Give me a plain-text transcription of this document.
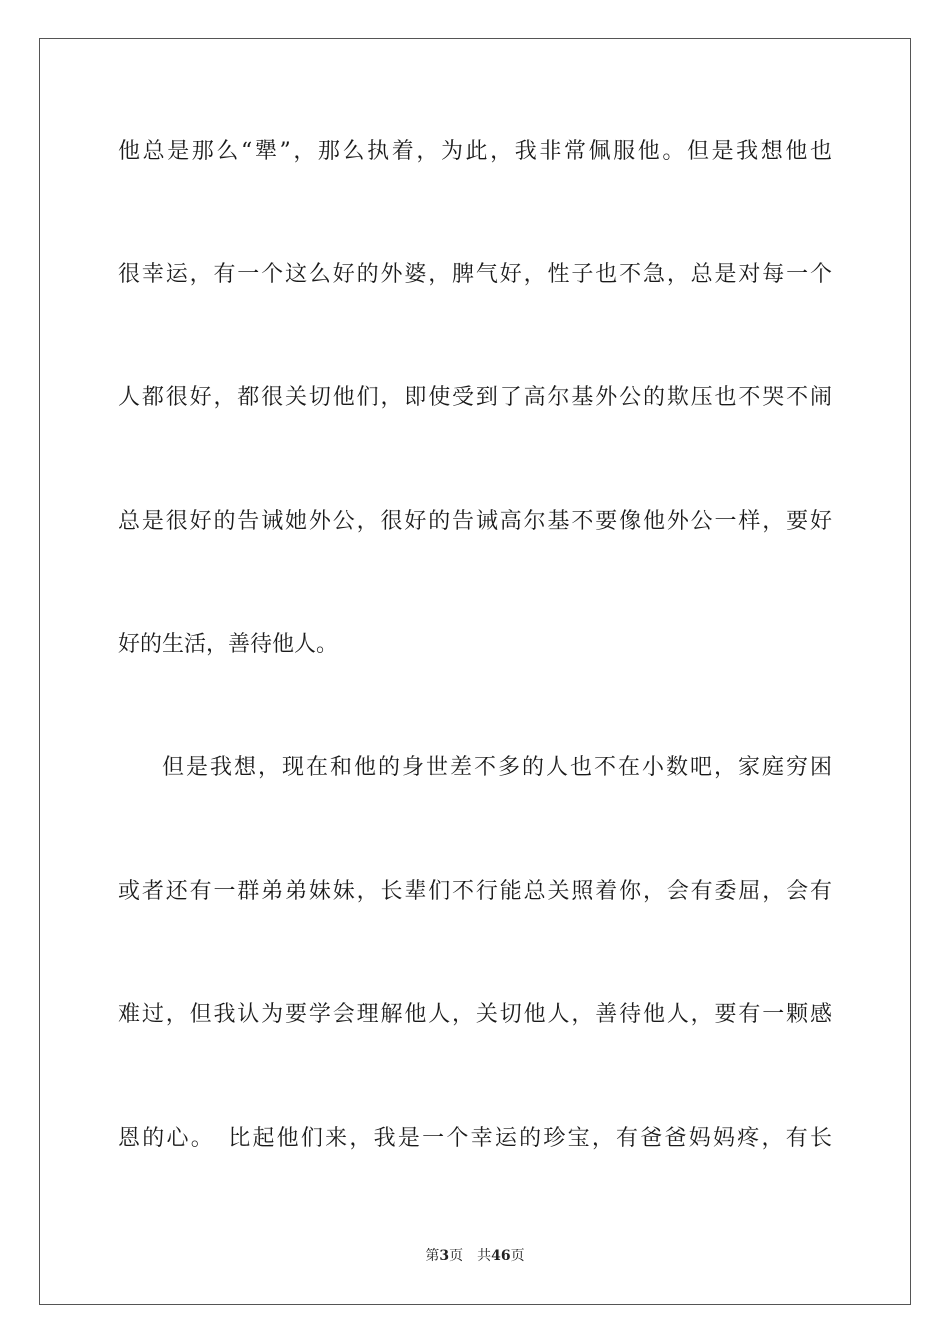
他总是那么“犟”，那么执着，为此，我非常佩服他。但是我想他也
很幸运，有一个这么好的外婆，脾气好，性子也不急，总是对每一个
人都很好，都很关切他们，即使受到了高尔基外公的欺压也不哭不闹
总是很好的告诫她外公，很好的告诫高尔基不要像他外公一样，要好
好的生活，善待他人。
但是我想，现在和他的身世差不多的人也不在小数吧，家庭穷困
或者还有一群弟弟妹妹，长辈们不行能总关照着你，会有委屈，会有
难过，但我认为要学会理解他人，关切他人，善待他人，要有一颗感
恩的心。　比起他们来，我是一个幸运的珍宝，有爸爸妈妈疼，有长
第3页 共46页
